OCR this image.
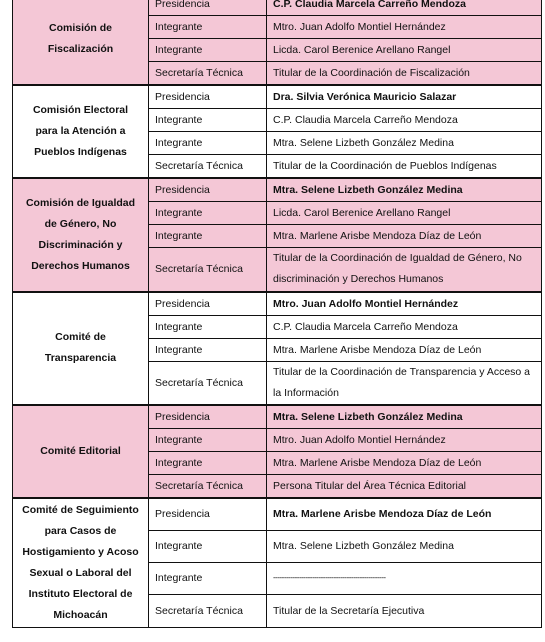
Comisión de Fiscalización	Presidencia	C.P. Claudia Marcela Carreño Mendoza
	Integrante	Mtro. Juan Adolfo Montiel Hernández
	Integrante	Licda. Carol Berenice Arellano Rangel
	Secretaría Técnica	Titular de la Coordinación de Fiscalización
Comisión Electoral para la Atención a Pueblos Indígenas	Presidencia	Dra. Silvia Verónica Mauricio Salazar
	Integrante	C.P. Claudia Marcela Carreño Mendoza
	Integrante	Mtra. Selene Lizbeth González Medina
	Secretaría Técnica	Titular de la Coordinación de Pueblos Indígenas
Comisión de Igualdad de Género, No Discriminación y Derechos Humanos	Presidencia	Mtra. Selene Lizbeth González Medina
	Integrante	Licda. Carol Berenice Arellano Rangel
	Integrante	Mtra. Marlene Arisbe Mendoza Díaz de León
	Secretaría Técnica	Titular de la Coordinación de Igualdad de Género, No discriminación y Derechos Humanos
Comité de Transparencia	Presidencia	Mtro. Juan Adolfo Montiel Hernández
	Integrante	C.P. Claudia Marcela Carreño Mendoza
	Integrante	Mtra. Marlene Arisbe Mendoza Díaz de León
	Secretaría Técnica	Titular de la Coordinación de Transparencia y Acceso a la Información
Comité Editorial	Presidencia	Mtra. Selene Lizbeth González Medina
	Integrante	Mtro. Juan Adolfo Montiel Hernández
	Integrante	Mtra. Marlene Arisbe Mendoza Díaz de León
	Secretaría Técnica	Persona Titular del Área Técnica Editorial
Comité de Seguimiento para Casos de Hostigamiento y Acoso Sexual o Laboral del Instituto Electoral de Michoacán	Presidencia	Mtra. Marlene Arisbe Mendoza Díaz de León
	Integrante	Mtra. Selene Lizbeth González Medina
	Integrante	----------------------------------------------------
	Secretaría Técnica	Titular de la Secretaría Ejecutiva
